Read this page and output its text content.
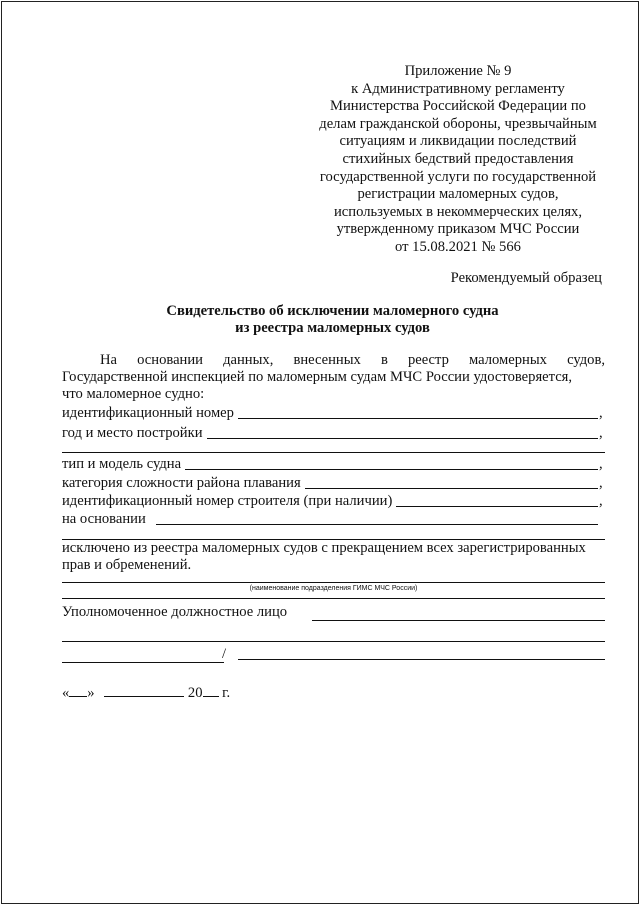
Приложение № 9
к Административному регламенту
Министерства Российской Федерации по
делам гражданской обороны, чрезвычайным
ситуациям и ликвидации последствий
стихийных бедствий предоставления
государственной услуги по государственной
регистрации маломерных судов,
используемых в некоммерческих целях,
утвержденному приказом МЧС России
от 15.08.2021 № 566
Рекомендуемый образец
Свидетельство об исключении маломерного судна
из реестра маломерных судов
На основании данных, внесенных в реестр маломерных судов,
Государственной инспекцией по маломерным судам МЧС России удостоверяется,
что маломерное судно:
идентификационный номер	,
год и место постройки	,
тип и модель судна	,
категория сложности района плавания	,
идентификационный номер строителя (при наличии)	,
на основании
исключено из реестра маломерных судов с прекращением всех зарегистрированных
прав и обременений.
(наименование подразделения ГИМС МЧС России)
Уполномоченное должностное лицо
/
« »	20 г.
